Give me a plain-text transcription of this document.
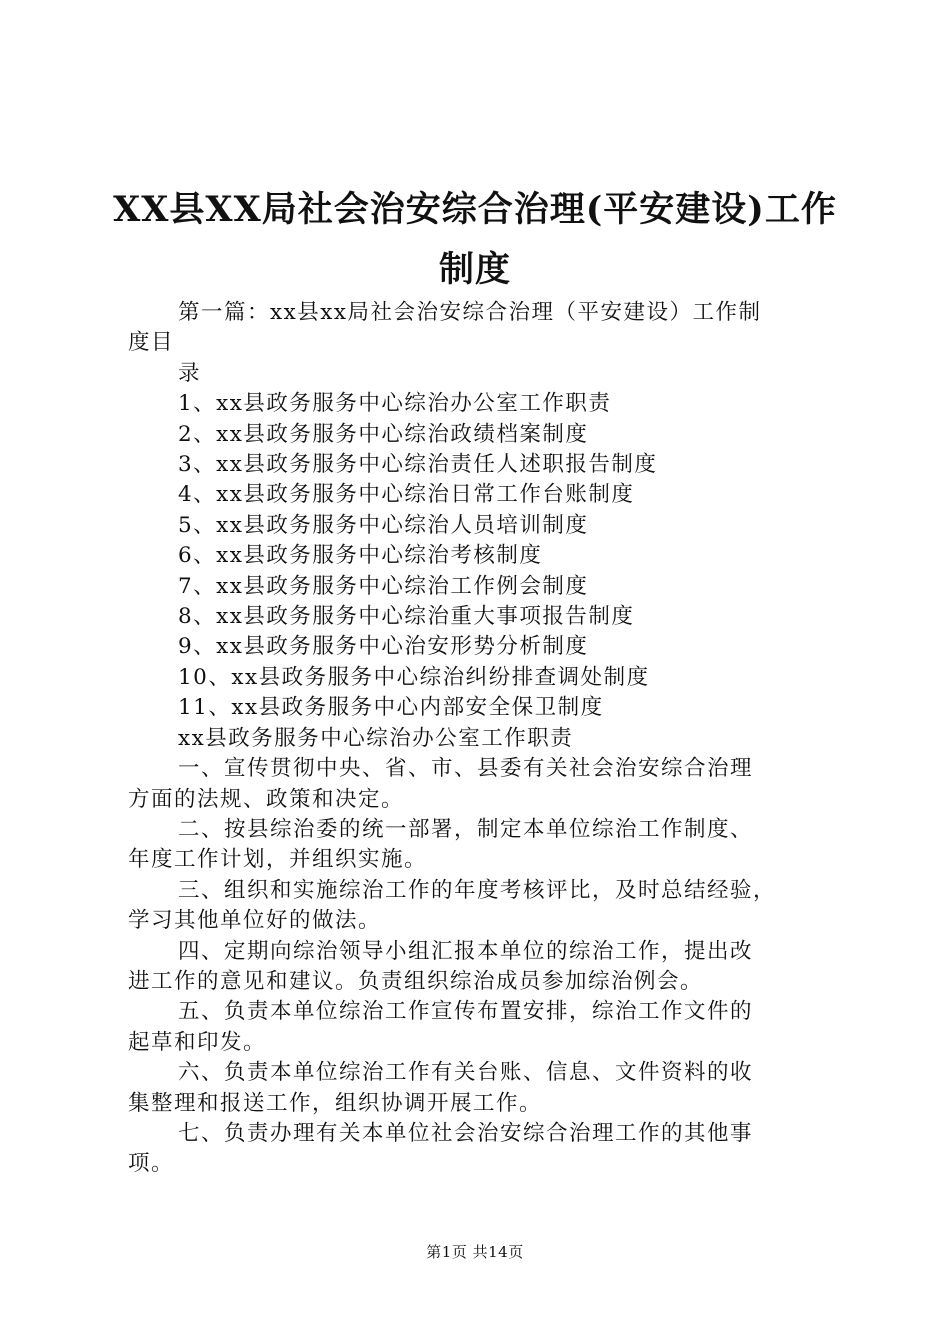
XX县XX局社会治安综合治理(平安建设)工作
制度
第一篇：xx县xx局社会治安综合治理（平安建设）工作制
度目
录
1、xx县政务服务中心综治办公室工作职责
2、xx县政务服务中心综治政绩档案制度
3、xx县政务服务中心综治责任人述职报告制度
4、xx县政务服务中心综治日常工作台账制度
5、xx县政务服务中心综治人员培训制度
6、xx县政务服务中心综治考核制度
7、xx县政务服务中心综治工作例会制度
8、xx县政务服务中心综治重大事项报告制度
9、xx县政务服务中心治安形势分析制度
10、xx县政务服务中心综治纠纷排查调处制度
11、xx县政务服务中心内部安全保卫制度
xx县政务服务中心综治办公室工作职责
一、宣传贯彻中央、省、市、县委有关社会治安综合治理
方面的法规、政策和决定。
二、按县综治委的统一部署，制定本单位综治工作制度、
年度工作计划，并组织实施。
三、组织和实施综治工作的年度考核评比，及时总结经验，
学习其他单位好的做法。
四、定期向综治领导小组汇报本单位的综治工作，提出改
进工作的意见和建议。负责组织综治成员参加综治例会。
五、负责本单位综治工作宣传布置安排，综治工作文件的
起草和印发。
六、负责本单位综治工作有关台账、信息、文件资料的收
集整理和报送工作，组织协调开展工作。
七、负责办理有关本单位社会治安综合治理工作的其他事
项。
第1页 共14页
